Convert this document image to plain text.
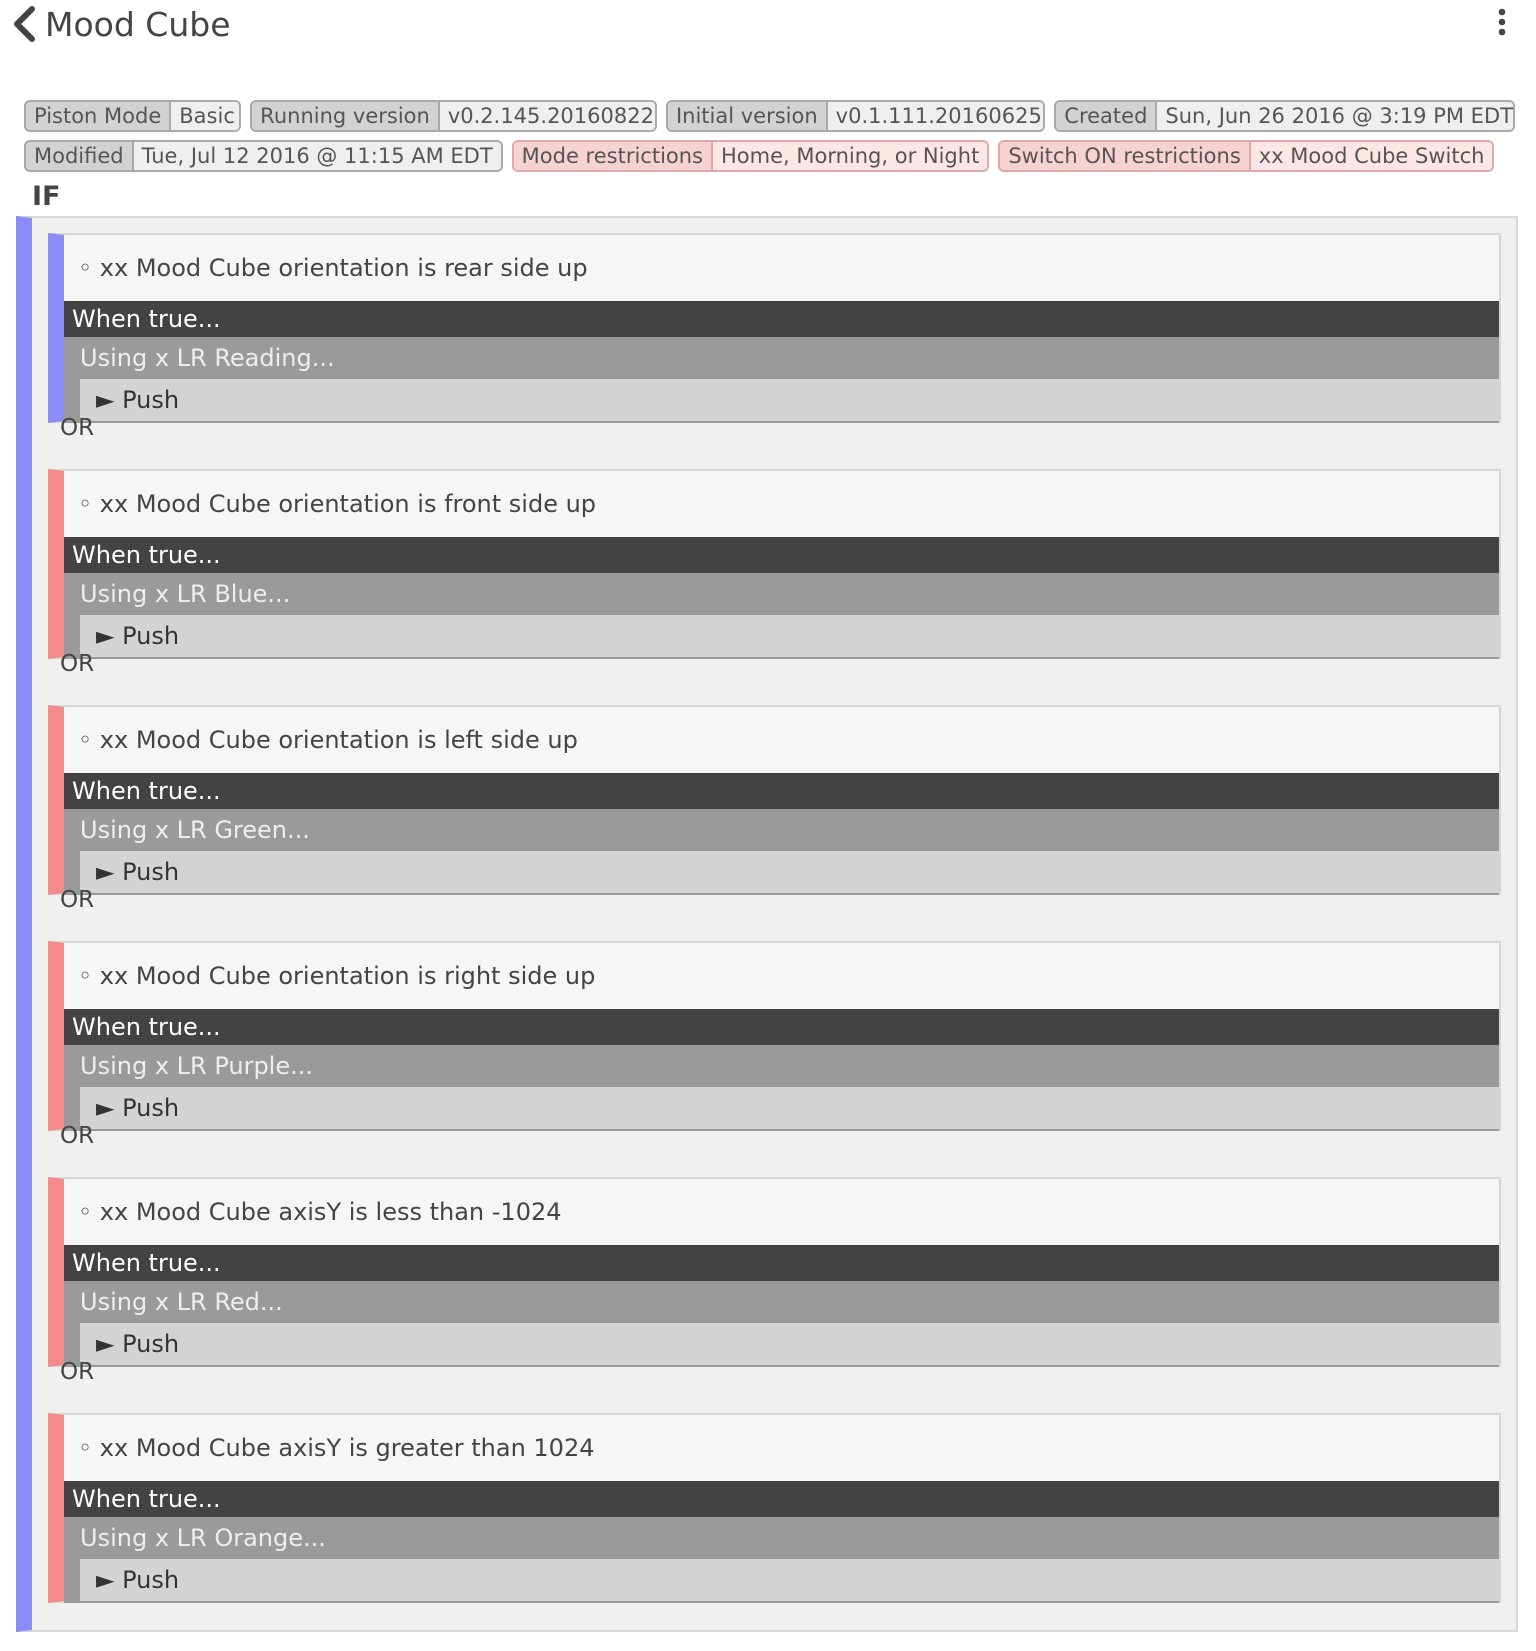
Mood Cube
Piston Mode Basic	Running version v0.2.145.20160822	Initial version v0.1.111.20160625	Created Sun, Jun 26 2016 @ 3:19 PM EDT
Modified Tue, Jul 12 2016 @ 11:15 AM EDT	Mode restrictions Home, Morning, or Night	Switch ON restrictions xx Mood Cube Switch
IF
◦ xx Mood Cube orientation is rear side up
When true...
Using x LR Reading...
► Push
OR
◦ xx Mood Cube orientation is front side up
When true...
Using x LR Blue...
► Push
OR
◦ xx Mood Cube orientation is left side up
When true...
Using x LR Green...
► Push
OR
◦ xx Mood Cube orientation is right side up
When true...
Using x LR Purple...
► Push
OR
◦ xx Mood Cube axisY is less than -1024
When true...
Using x LR Red...
► Push
OR
◦ xx Mood Cube axisY is greater than 1024
When true...
Using x LR Orange...
► Push
